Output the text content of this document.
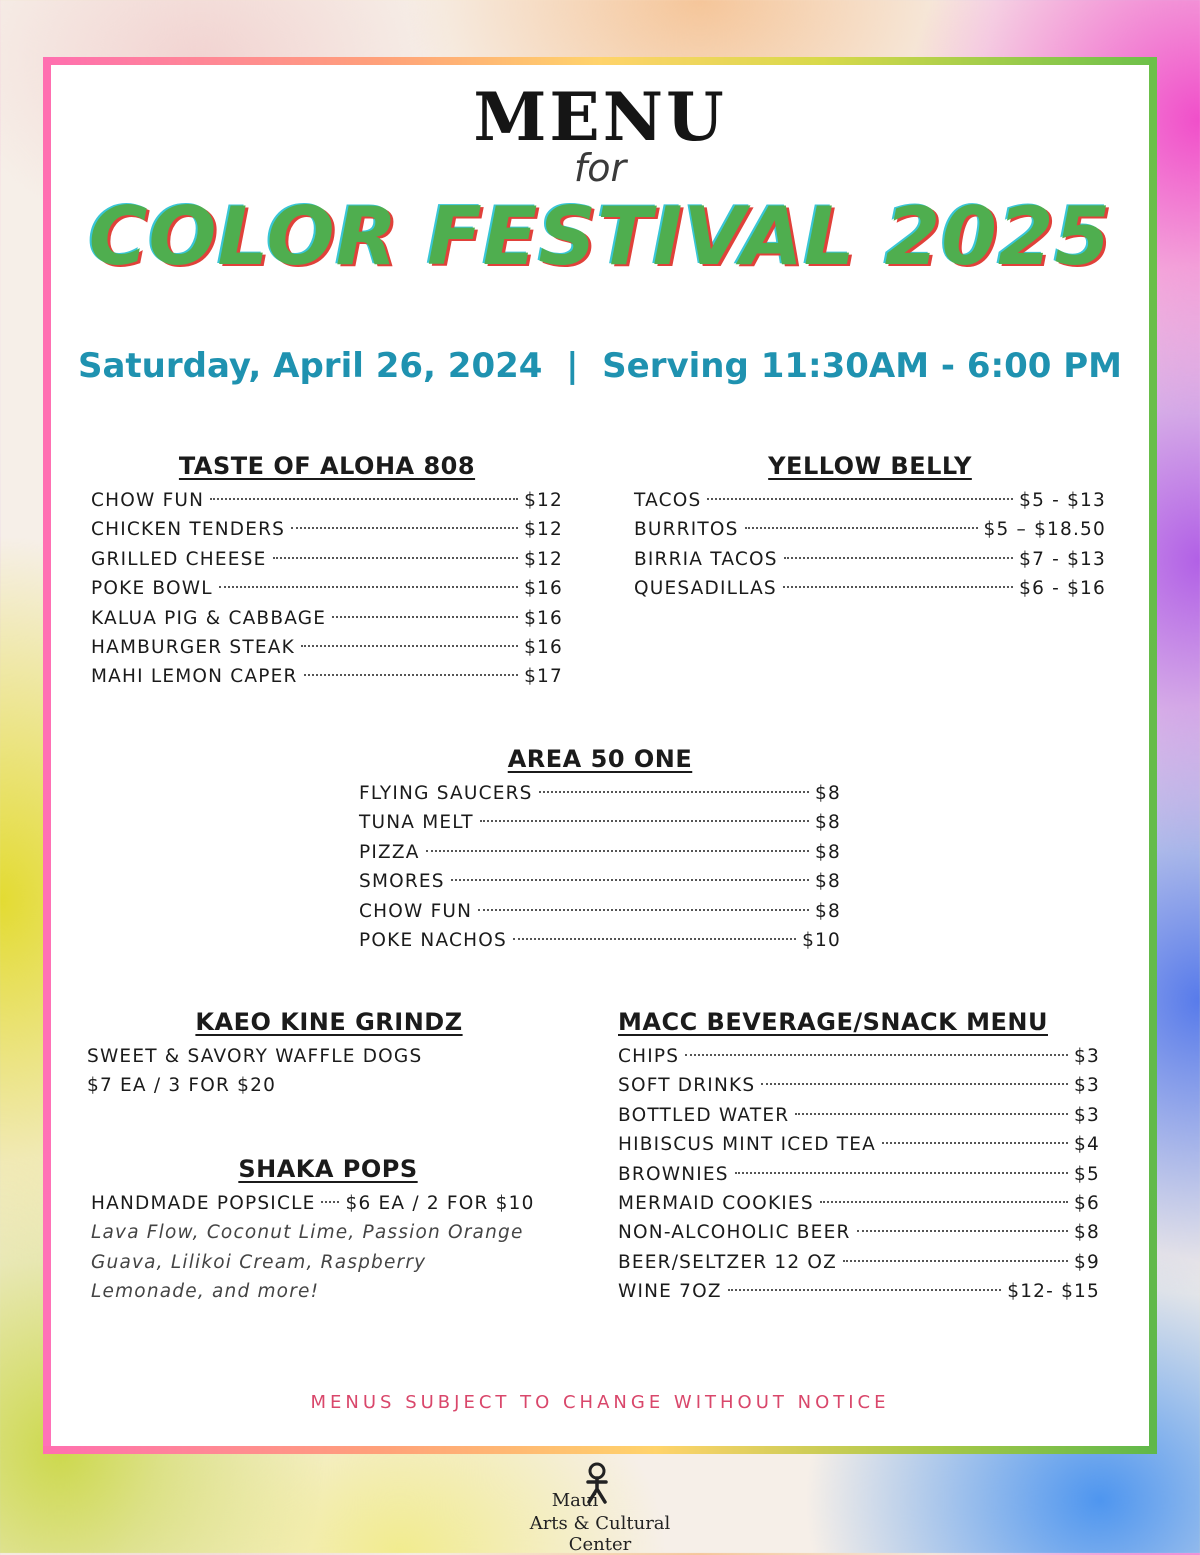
MENU
for
COLOR FESTIVAL 2025
Saturday, April 26, 2024  |  Serving 11:30AM - 6:00 PM
TASTE OF ALOHA 808
CHOW FUN	$12
CHICKEN TENDERS	$12
GRILLED CHEESE	$12
POKE BOWL	$16
KALUA PIG & CABBAGE	$16
HAMBURGER STEAK	$16
MAHI LEMON CAPER	$17
YELLOW BELLY
TACOS	$5 - $13
BURRITOS	$5 – $18.50
BIRRIA TACOS	$7 - $13
QUESADILLAS	$6 - $16
AREA 50 ONE
FLYING SAUCERS	$8
TUNA MELT	$8
PIZZA	$8
SMORES	$8
CHOW FUN	$8
POKE NACHOS	$10
KAEO KINE GRINDZ
SWEET & SAVORY WAFFLE DOGS
$7 EA / 3 FOR $20
SHAKA POPS
HANDMADE POPSICLE $6 EA / 2 FOR $10
Lava Flow, Coconut Lime, Passion Orange
Guava, Lilikoi Cream, Raspberry
Lemonade, and more!
MACC BEVERAGE/SNACK MENU
CHIPS	$3
SOFT DRINKS	$3
BOTTLED WATER	$3
HIBISCUS MINT ICED TEA	$4
BROWNIES	$5
MERMAID COOKIES	$6
NON-ALCOHOLIC BEER	$8
BEER/SELTZER 12 OZ	$9
WINE 7OZ	$12- $15
MENUS SUBJECT TO CHANGE WITHOUT NOTICE
Maui
Arts & Cultural Center
